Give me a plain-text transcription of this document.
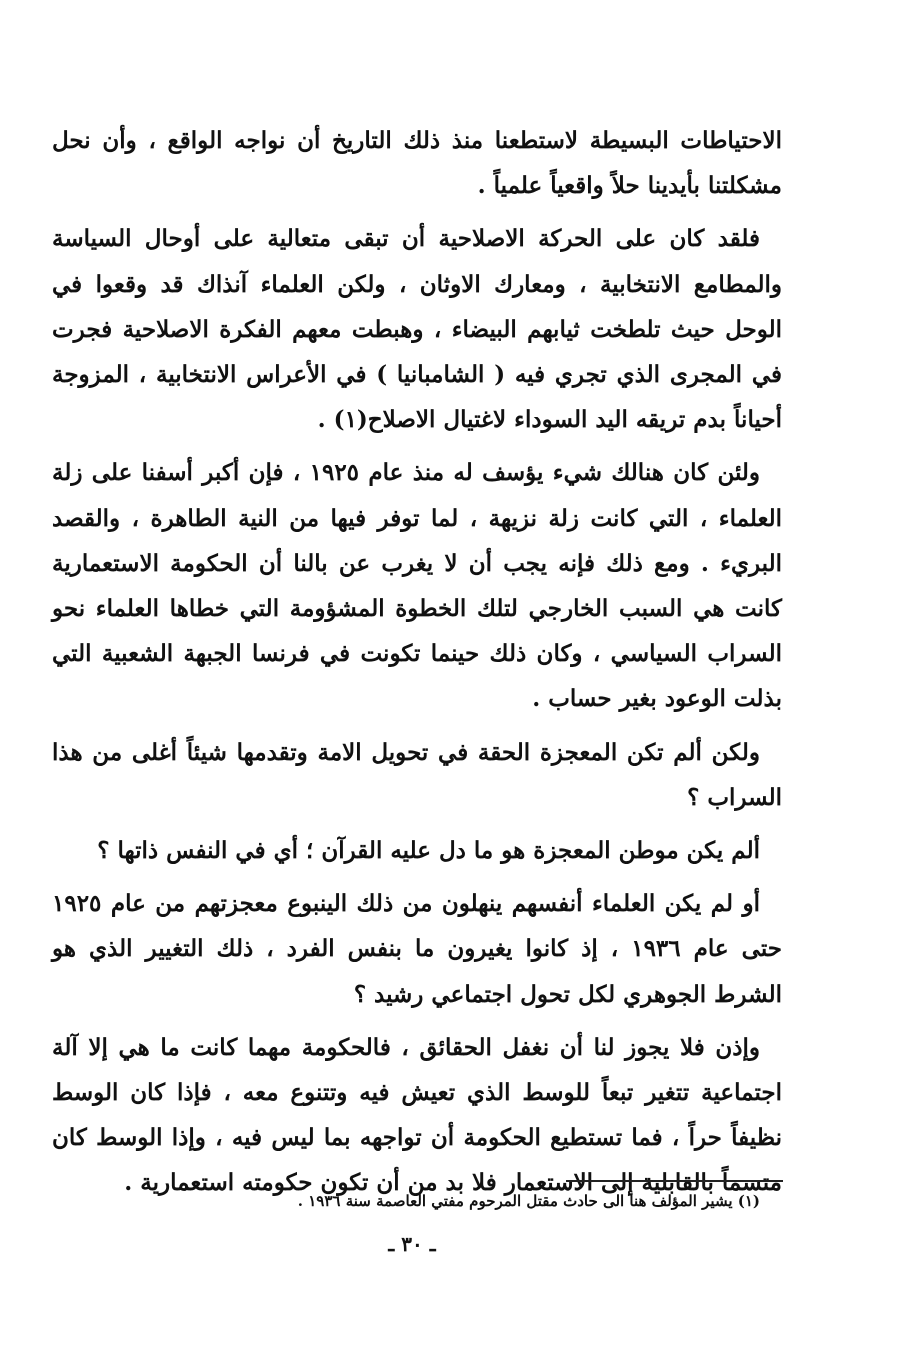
الاحتياطات البسيطة لاستطعنا منذ ذلك التاريخ أن نواجه الواقع ، وأن نحل مشكلتنا بأيدينا حلاً واقعياً علمياً .

فلقد كان على الحركة الاصلاحية أن تبقى متعالية على أوحال السياسة والمطامع الانتخابية ، ومعارك الاوثان ، ولكن العلماء آنذاك قد وقعوا في الوحل حيث تلطخت ثيابهم البيضاء ، وهبطت معهم الفكرة الاصلاحية فجرت في المجرى الذي تجري فيه ( الشامبانيا ) في الأعراس الانتخابية ، المزوجة أحياناً بدم تريقه اليد السوداء لاغتيال الاصلاح(١) .

ولئن كان هنالك شيء يؤسف له منذ عام ١٩٢٥ ، فإن أكبر أسفنا على زلة العلماء ، التي كانت زلة نزيهة ، لما توفر فيها من النية الطاهرة ، والقصد البريء . ومع ذلك فإنه يجب أن لا يغرب عن بالنا أن الحكومة الاستعمارية كانت هي السبب الخارجي لتلك الخطوة المشؤومة التي خطاها العلماء نحو السراب السياسي ، وكان ذلك حينما تكونت في فرنسا الجبهة الشعبية التي بذلت الوعود بغير حساب .

ولكن ألم تكن المعجزة الحقة في تحويل الامة وتقدمها شيئاً أغلى من هذا السراب ؟

ألم يكن موطن المعجزة هو ما دل عليه القرآن ؛ أي في النفس ذاتها ؟

أو لم يكن العلماء أنفسهم ينهلون من ذلك الينبوع معجزتهم من عام ١٩٢٥ حتى عام ١٩٣٦ ، إذ كانوا يغيرون ما بنفس الفرد ، ذلك التغيير الذي هو الشرط الجوهري لكل تحول اجتماعي رشيد ؟

وإذن فلا يجوز لنا أن نغفل الحقائق ، فالحكومة مهما كانت ما هي إلا آلة اجتماعية تتغير تبعاً للوسط الذي تعيش فيه وتتنوع معه ، فإذا كان الوسط نظيفاً حراً ، فما تستطيع الحكومة أن تواجهه بما ليس فيه ، وإذا الوسط كان متسماً بالقابلية إلى الاستعمار فلا بد من أن تكون حكومته استعمارية .

(١) يشير المؤلف هنا الى حادث مقتل المرحوم مفتي العاصمة سنة ١٩٣٦ .
ـ ٣٠ ـ
